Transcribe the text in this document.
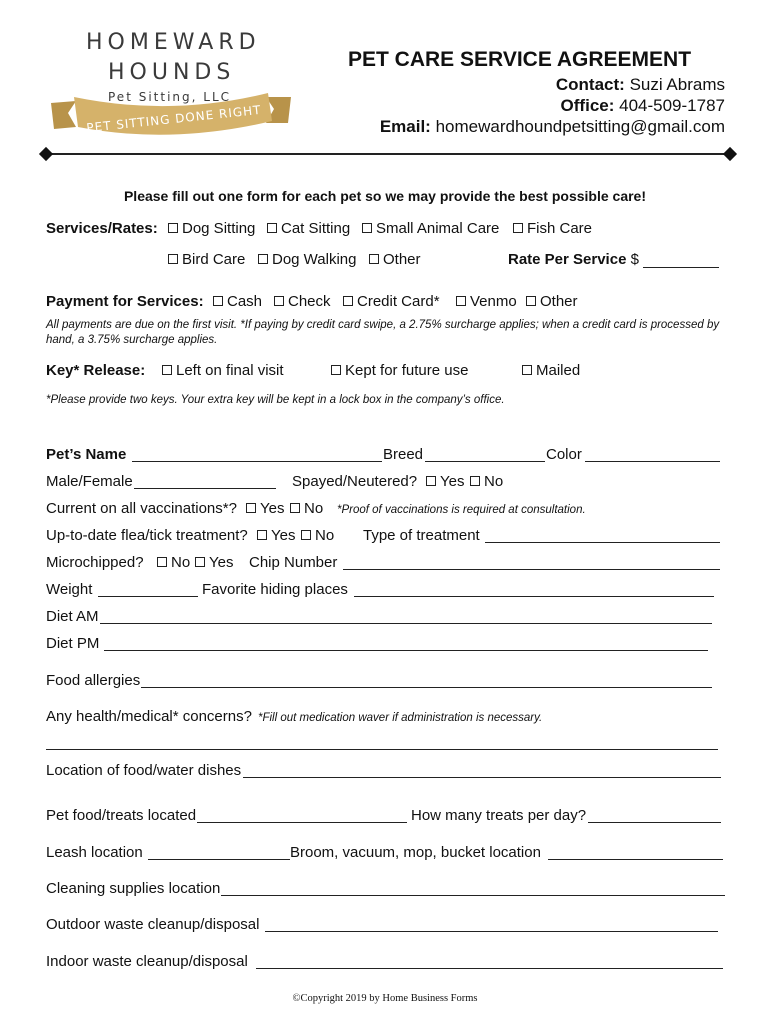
HOMEWARD
HOUNDS
Pet Sitting, LLC
PET SITTING DONE RIGHT
PET CARE SERVICE AGREEMENT
Contact: Suzi Abrams
Office: 404-509-1787
Email: homewardhoundpetsitting@gmail.com
Please fill out one form for each pet so we may provide the best possible care!
Services/Rates:	Dog Sitting	Cat Sitting	Small Animal Care	Fish Care
Bird Care	Dog Walking	Other	Rate Per Service $
Payment for Services:	Cash	Check	Credit Card*	Venmo	Other
All payments are due on the first visit. *If paying by credit card swipe, a 2.75% surcharge applies; when a credit card is processed by hand, a 3.75% surcharge applies.
Key* Release:	Left on final visit	Kept for future use	Mailed
*Please provide two keys. Your extra key will be kept in a lock box in the company’s office.
Pet’s Name	Breed	Color
Male/Female	Spayed/Neutered?	Yes	No
Current on all vaccinations*?	Yes	No *Proof of vaccinations is required at consultation.
Up-to-date flea/tick treatment?	Yes	No Type of treatment
Microchipped?	No	Yes Chip Number
Weight	Favorite hiding places
Diet AM
Diet PM
Food allergies
Any health/medical* concerns? *Fill out medication waver if administration is necessary.
Location of food/water dishes
Pet food/treats located	How many treats per day?
Leash location	Broom, vacuum, mop, bucket location
Cleaning supplies location
Outdoor waste cleanup/disposal
Indoor waste cleanup/disposal
©Copyright 2019 by Home Business Forms
